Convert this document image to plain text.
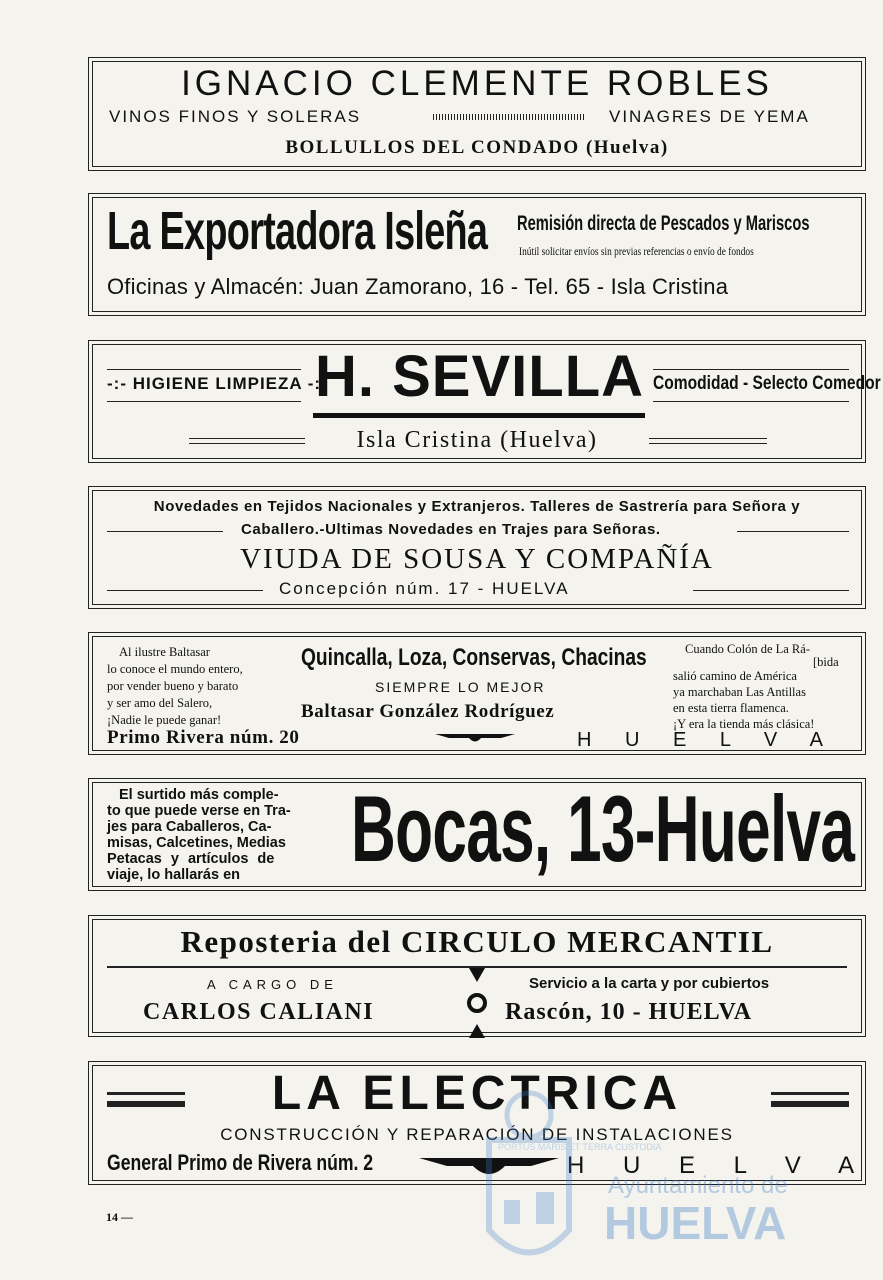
IGNACIO CLEMENTE ROBLES
VINOS FINOS Y SOLERAS	VINAGRES DE YEMA
BOLLULLOS DEL CONDADO (Huelva)
La Exportadora Isleña Remisión directa de Pescados y Mariscos
Inútil solicitar envíos sin previas referencias o envío de fondos
Oficinas y Almacén: Juan Zamorano, 16 - Tel. 65 - Isla Cristina
-:- HIGIENE LIMPIEZA -:-
H. SEVILLA Comodidad - Selecto Comedor
Isla Cristina (Huelva)
Novedades en Tejidos Nacionales y Extranjeros. Talleres de Sastrería para Señora y
Caballero.-Ultimas Novedades en Trajes para Señoras.
VIUDA DE SOUSA Y COMPAÑÍA
Concepción núm. 17 - HUELVA
Al ilustre Baltasar
lo conoce el mundo entero,
por vender bueno y barato
y ser amo del Salero,
¡Nadie le puede ganar!
Quincalla, Loza, Conservas, Chacinas
SIEMPRE LO MEJOR
Baltasar González Rodríguez
Cuando Colón de La Rá-
[bida
salió camino de América
ya marchaban Las Antillas
en esta tierra flamenca.
¡Y era la tienda más clásica!
Primo Rivera núm. 20	H U E L V A
El surtido más comple-
to que puede verse en Tra-
jes para Caballeros, Ca-
misas, Calcetines, Medias
Petacas y artículos de
viaje, lo hallarás en	Bocas, 13-Huelva
Reposteria del CIRCULO MERCANTIL
A CARGO DE
CARLOS CALIANI
Servicio a la carta y por cubiertos
Rascón, 10 - HUELVA
LA ELECTRICA
CONSTRUCCIÓN Y REPARACIÓN DE INSTALACIONES
General Primo de Rivera núm. 2	H U E L V A
14 —
PORTUS MARIS ET TERRA CUSTODIA
Ayuntamiento de
HUELVA
